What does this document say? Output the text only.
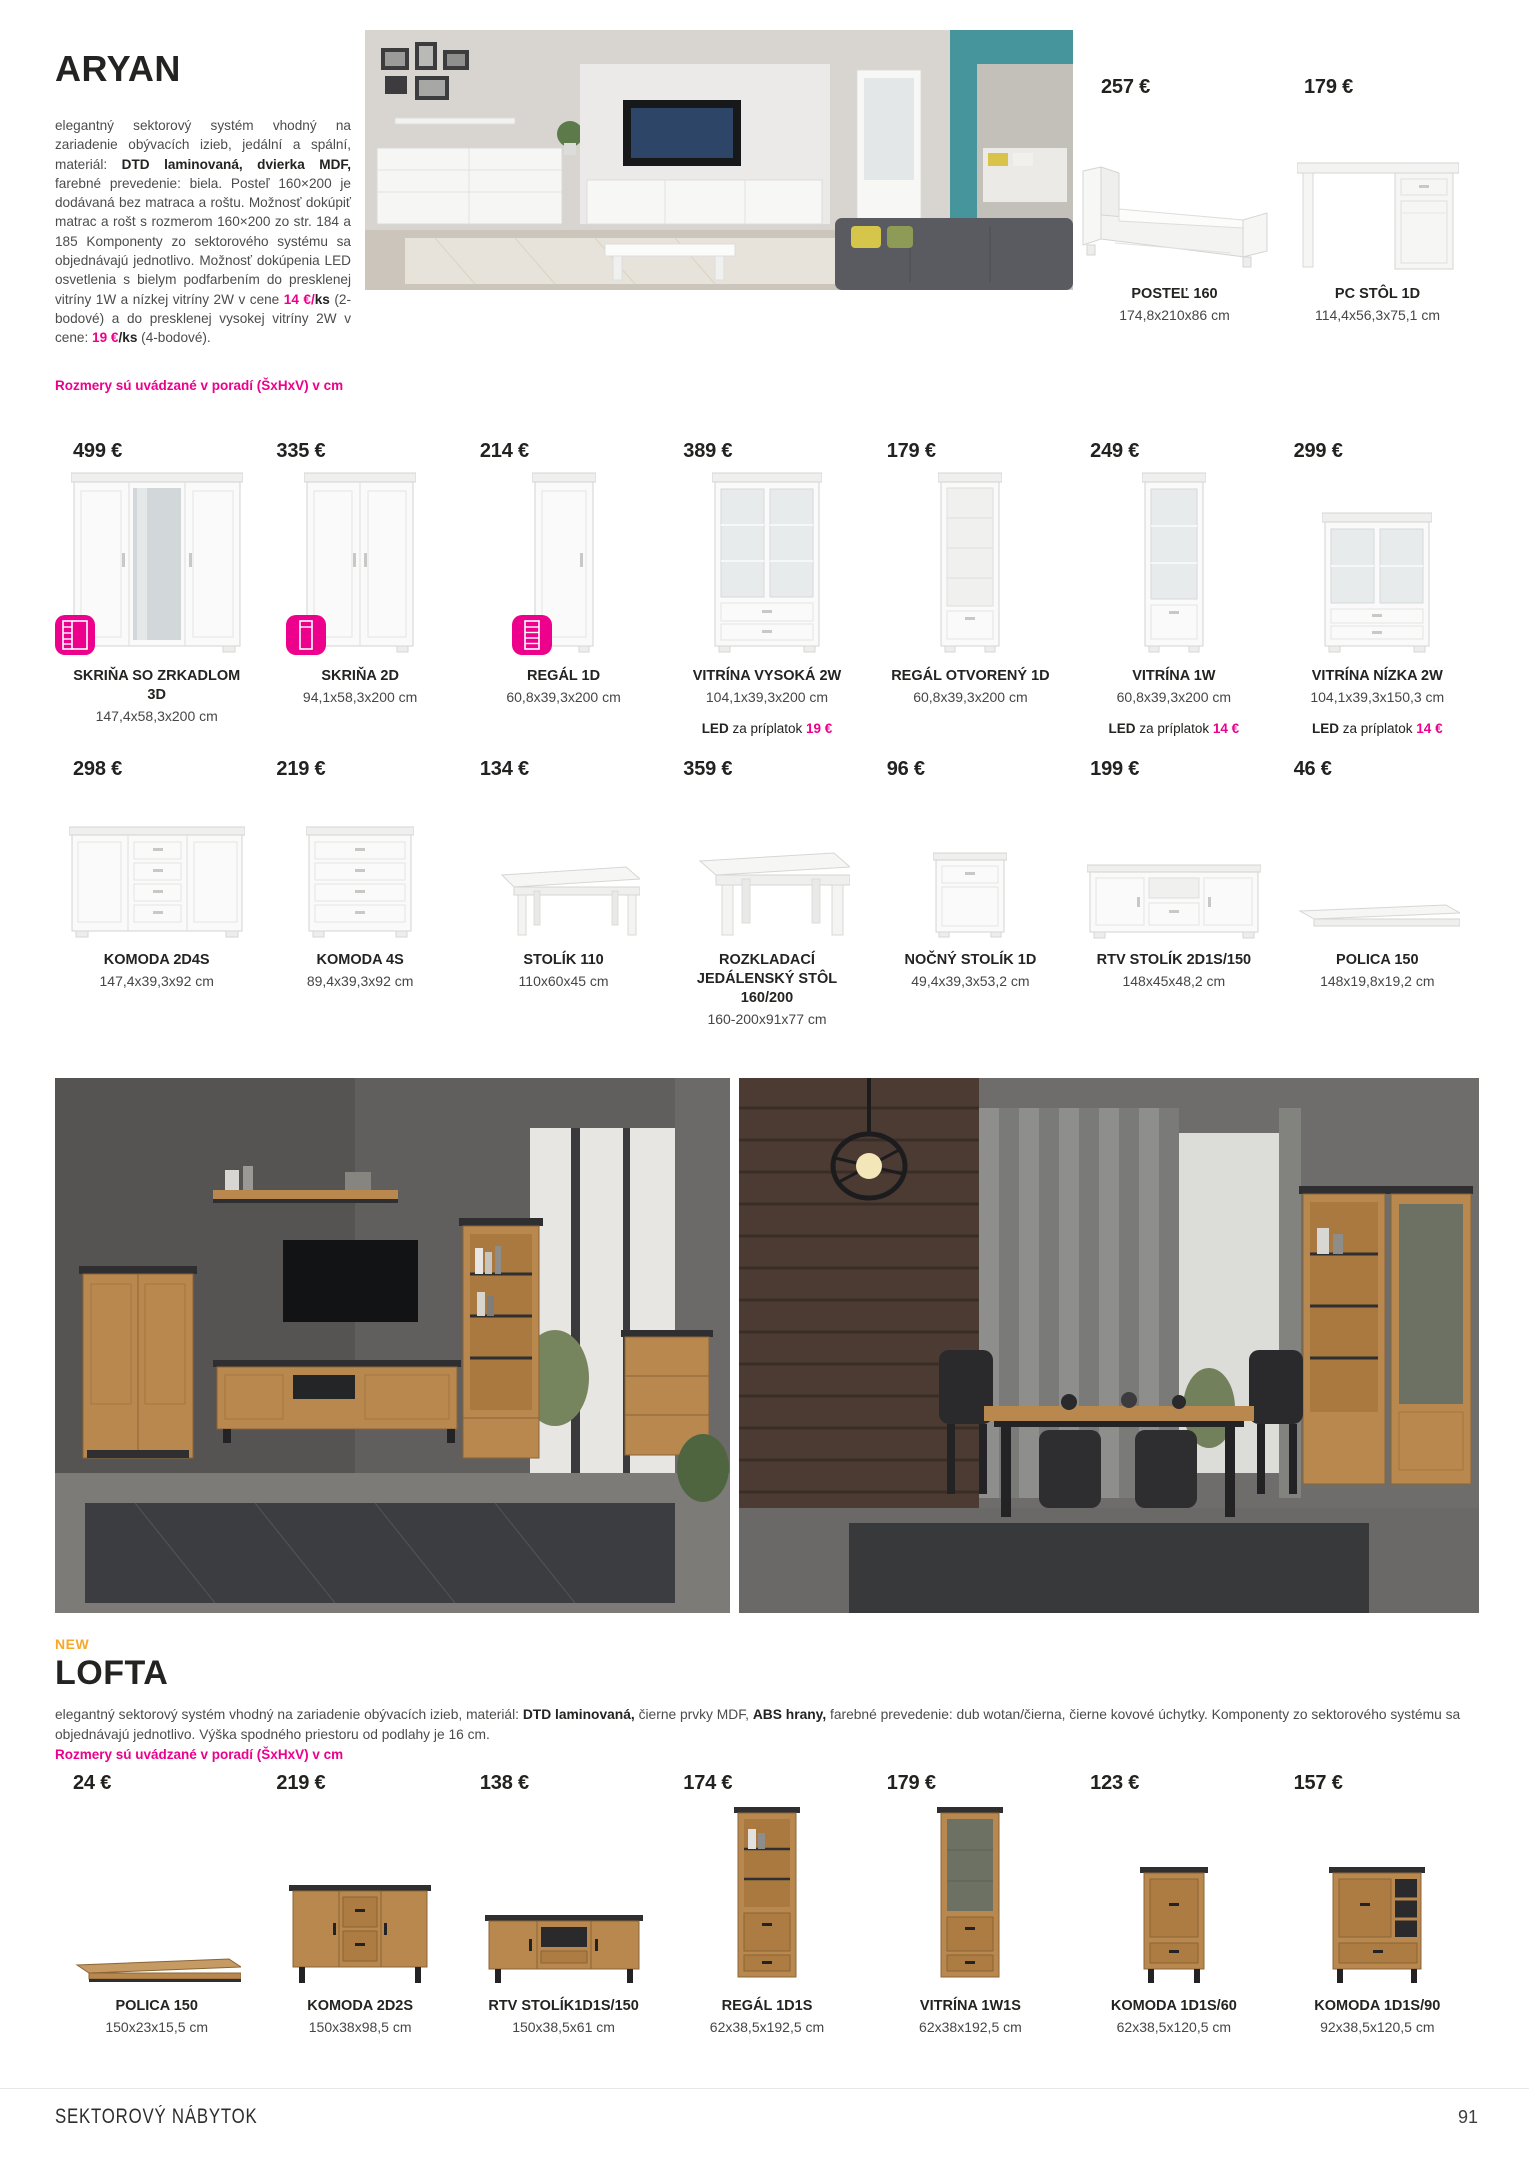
ARYAN

elegantný sektorový systém vhodný na zariadenie obývacích izieb, jedální a spální, materiál: DTD laminovaná, dvierka MDF, farebné prevedenie: biela. Posteľ 160×200 je dodávaná bez matraca a roštu. Možnosť dokúpiť matrac a rošt s rozmerom 160×200 zo str. 184 a 185 Komponenty zo sektorového systému sa objednávajú jednotlivo. Možnosť dokúpenia LED osvetlenia s bielym podfarbením do presklenej vitríny 1W a nízkej vitríny 2W v cene 14 €/ks (2-bodové) a do presklenej vysokej vitríny 2W v cene: 19 €/ks (4-bodové).

Rozmery sú uvádzané v poradí (ŠxHxV) v cm
257 €
POSTEĽ 160
174,8x210x86 cm
179 €
PC STÔL 1D
114,4x56,3x75,1 cm
499 €
SKRIŇA SO ZRKADLOM 3D
147,4x58,3x200 cm
335 €
SKRIŇA 2D
94,1x58,3x200 cm
214 €
REGÁL 1D
60,8x39,3x200 cm
389 €
VITRÍNA VYSOKÁ 2W
104,1x39,3x200 cm
LED za príplatok 19 €
179 €
REGÁL OTVORENÝ 1D
60,8x39,3x200 cm
249 €
VITRÍNA 1W
60,8x39,3x200 cm
LED za príplatok 14 €
299 €
VITRÍNA NÍZKA 2W
104,1x39,3x150,3 cm
LED za príplatok 14 €
298 €
KOMODA 2D4S
147,4x39,3x92 cm
219 €
KOMODA 4S
89,4x39,3x92 cm
134 €
STOLÍK 110
110x60x45 cm
359 €
ROZKLADACÍ JEDÁLENSKÝ STÔL 160/200
160-200x91x77 cm
96 €
NOČNÝ STOLÍK 1D
49,4x39,3x53,2 cm
199 €
RTV STOLÍK 2D1S/150
148x45x48,2 cm
46 €
POLICA 150
148x19,8x19,2 cm
NEW
LOFTA

elegantný sektorový systém vhodný na zariadenie obývacích izieb, materiál: DTD laminovaná, čierne prvky MDF, ABS hrany, farebné prevedenie: dub wotan/čierna, čierne kovové úchytky. Komponenty zo sektorového systému sa objednávajú jednotlivo. Výška spodného priestoru od podlahy je 16 cm.

Rozmery sú uvádzané v poradí (ŠxHxV) v cm
24 €
POLICA 150
150x23x15,5 cm
219 €
KOMODA 2D2S
150x38x98,5 cm
138 €
RTV STOLÍK1D1S/150
150x38,5x61 cm
174 €
REGÁL 1D1S
62x38,5x192,5 cm
179 €
VITRÍNA 1W1S
62x38x192,5 cm
123 €
KOMODA 1D1S/60
62x38,5x120,5 cm
157 €
KOMODA 1D1S/90
92x38,5x120,5 cm
SEKTOROVÝ NÁBYTOK	91
